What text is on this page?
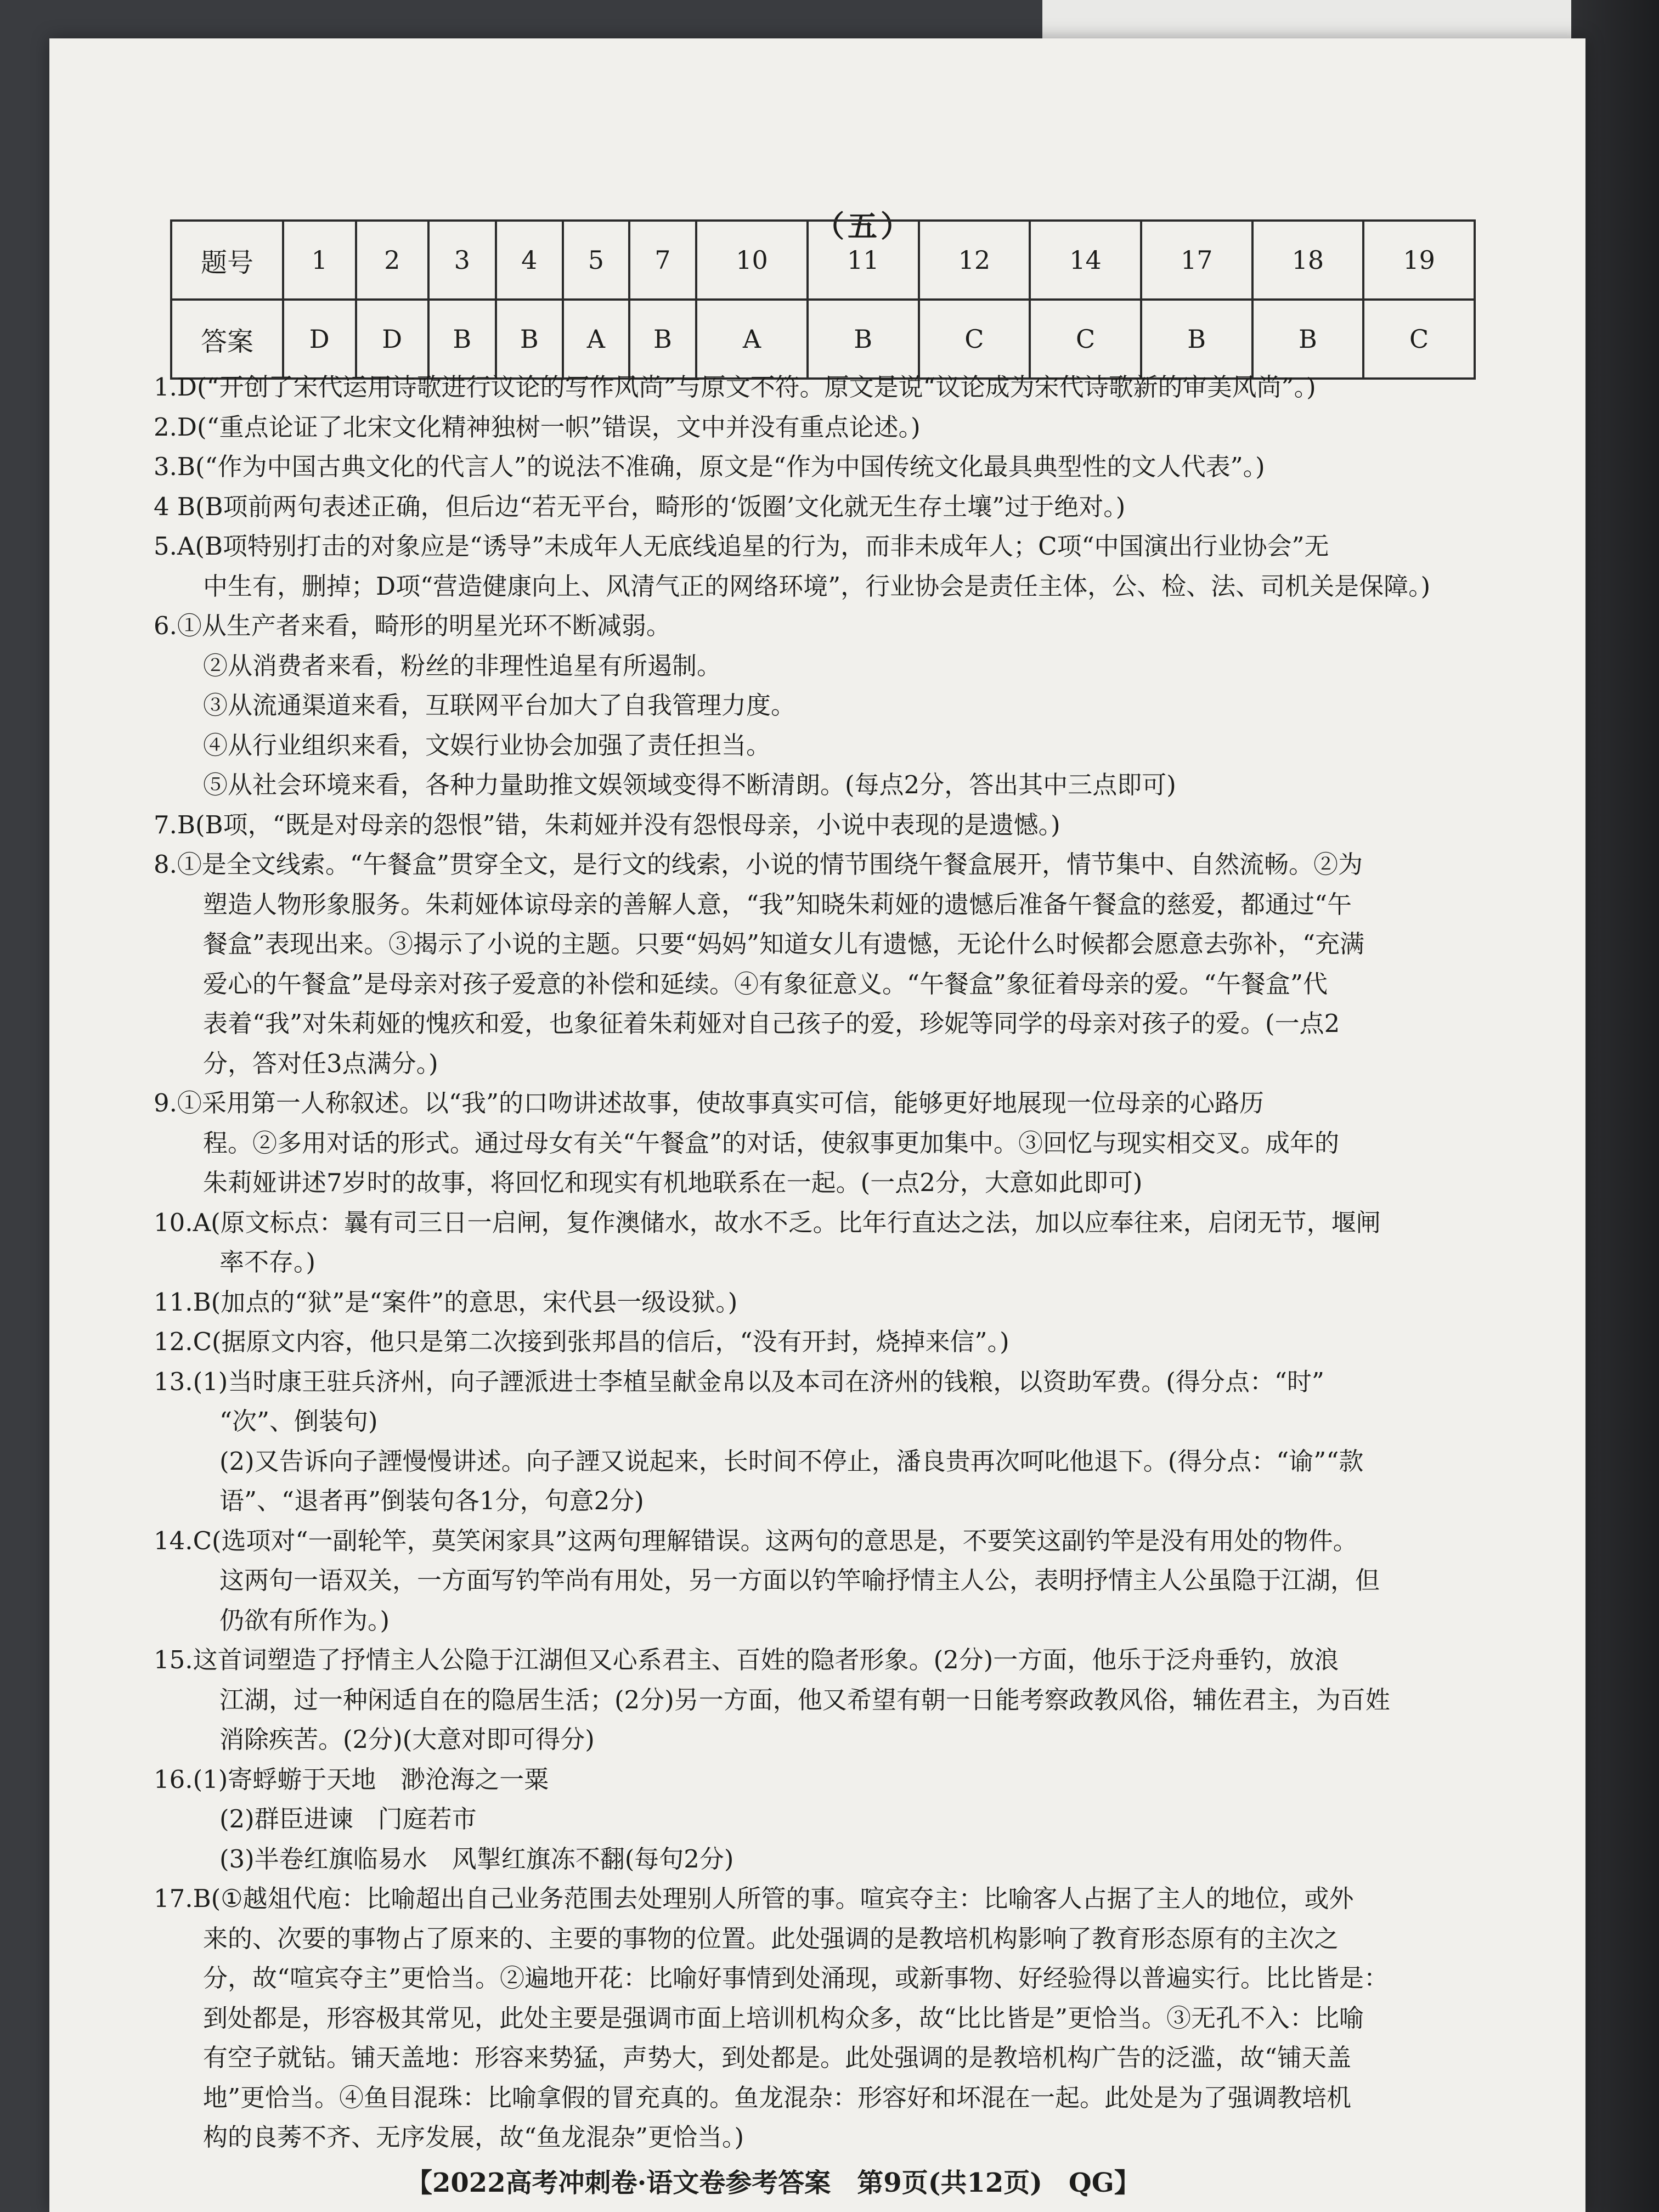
（五）
题号	1	2	3	4	5	7	10	11	12	14	17	18	19
答案	D	D	B	B	A	B	A	B	C	C	B	B	C
1.D(“开创了宋代运用诗歌进行议论的写作风尚”与原文不符。原文是说“议论成为宋代诗歌新的审美风尚”。)
2.D(“重点论证了北宋文化精神独树一帜”错误，文中并没有重点论述。)
3.B(“作为中国古典文化的代言人”的说法不准确，原文是“作为中国传统文化最具典型性的文人代表”。)
4 B(B项前两句表述正确，但后边“若无平台，畸形的‘饭圈’文化就无生存土壤”过于绝对。)
5.A(B项特别打击的对象应是“诱导”未成年人无底线追星的行为，而非未成年人；C项“中国演出行业协会”无
中生有，删掉；D项“营造健康向上、风清气正的网络环境”，行业协会是责任主体，公、检、法、司机关是保障。)
6.①从生产者来看，畸形的明星光环不断减弱。
②从消费者来看，粉丝的非理性追星有所遏制。
③从流通渠道来看，互联网平台加大了自我管理力度。
④从行业组织来看，文娱行业协会加强了责任担当。
⑤从社会环境来看，各种力量助推文娱领域变得不断清朗。(每点2分，答出其中三点即可)
7.B(B项，“既是对母亲的怨恨”错，朱莉娅并没有怨恨母亲，小说中表现的是遗憾。)
8.①是全文线索。“午餐盒”贯穿全文，是行文的线索，小说的情节围绕午餐盒展开，情节集中、自然流畅。②为
塑造人物形象服务。朱莉娅体谅母亲的善解人意，“我”知晓朱莉娅的遗憾后准备午餐盒的慈爱，都通过“午
餐盒”表现出来。③揭示了小说的主题。只要“妈妈”知道女儿有遗憾，无论什么时候都会愿意去弥补，“充满
爱心的午餐盒”是母亲对孩子爱意的补偿和延续。④有象征意义。“午餐盒”象征着母亲的爱。“午餐盒”代
表着“我”对朱莉娅的愧疚和爱，也象征着朱莉娅对自己孩子的爱，珍妮等同学的母亲对孩子的爱。(一点2
分，答对任3点满分。)
9.①采用第一人称叙述。以“我”的口吻讲述故事，使故事真实可信，能够更好地展现一位母亲的心路历
程。②多用对话的形式。通过母女有关“午餐盒”的对话，使叙事更加集中。③回忆与现实相交叉。成年的
朱莉娅讲述7岁时的故事，将回忆和现实有机地联系在一起。(一点2分，大意如此即可)
10.A(原文标点：曩有司三日一启闸，复作澳储水，故水不乏。比年行直达之法，加以应奉往来，启闭无节，堰闸
率不存。)
11.B(加点的“狱”是“案件”的意思，宋代县一级设狱。)
12.C(据原文内容，他只是第二次接到张邦昌的信后，“没有开封，烧掉来信”。)
13.(1)当时康王驻兵济州，向子諲派进士李植呈献金帛以及本司在济州的钱粮，以资助军费。(得分点：“时”
“次”、倒装句)
(2)又告诉向子諲慢慢讲述。向子諲又说起来，长时间不停止，潘良贵再次呵叱他退下。(得分点：“谕”“款
语”、“退者再”倒装句各1分，句意2分)
14.C(选项对“一副轮竿，莫笑闲家具”这两句理解错误。这两句的意思是，不要笑这副钓竿是没有用处的物件。
这两句一语双关，一方面写钓竿尚有用处，另一方面以钓竿喻抒情主人公，表明抒情主人公虽隐于江湖，但
仍欲有所作为。)
15.这首词塑造了抒情主人公隐于江湖但又心系君主、百姓的隐者形象。(2分)一方面，他乐于泛舟垂钓，放浪
江湖，过一种闲适自在的隐居生活；(2分)另一方面，他又希望有朝一日能考察政教风俗，辅佐君主，为百姓
消除疾苦。(2分)(大意对即可得分)
16.(1)寄蜉蝣于天地　渺沧海之一粟
(2)群臣进谏　门庭若市
(3)半卷红旗临易水　风掣红旗冻不翻(每句2分)
17.B(①越俎代庖：比喻超出自己业务范围去处理别人所管的事。喧宾夺主：比喻客人占据了主人的地位，或外
来的、次要的事物占了原来的、主要的事物的位置。此处强调的是教培机构影响了教育形态原有的主次之
分，故“喧宾夺主”更恰当。②遍地开花：比喻好事情到处涌现，或新事物、好经验得以普遍实行。比比皆是：
到处都是，形容极其常见，此处主要是强调市面上培训机构众多，故“比比皆是”更恰当。③无孔不入：比喻
有空子就钻。铺天盖地：形容来势猛，声势大，到处都是。此处强调的是教培机构广告的泛滥，故“铺天盖
地”更恰当。④鱼目混珠：比喻拿假的冒充真的。鱼龙混杂：形容好和坏混在一起。此处是为了强调教培机
构的良莠不齐、无序发展，故“鱼龙混杂”更恰当。)
【2022高考冲刺卷·语文卷参考答案　第9页(共12页)　QG】
